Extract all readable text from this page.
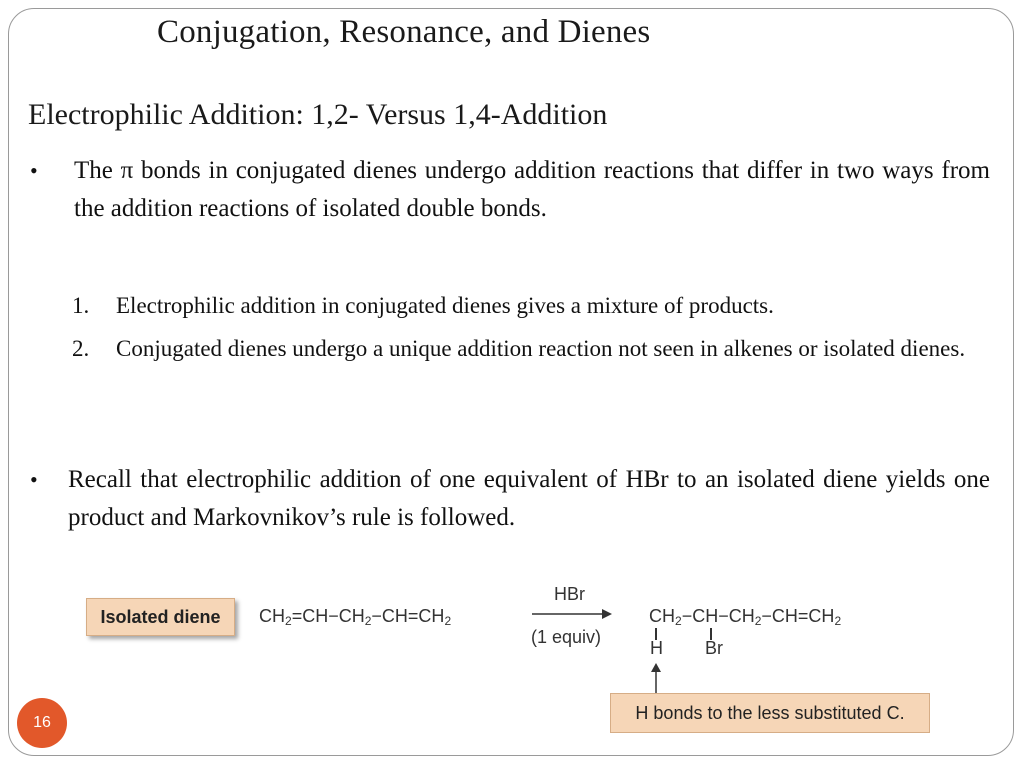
Conjugation, Resonance, and Dienes
Electrophilic Addition: 1,2- Versus 1,4-Addition
• The π bonds in conjugated dienes undergo addition reactions that differ in two ways from the addition reactions of isolated double bonds.
1. Electrophilic addition in conjugated dienes gives a mixture of products.
2. Conjugated dienes undergo a unique addition reaction not seen in alkenes or isolated dienes.
• Recall that electrophilic addition of one equivalent of HBr to an isolated diene yields one product and Markovnikov’s rule is followed.
Isolated diene	$CH_2=CH-CH_2-CH=CH_2$
HBr
(1 equiv)
$CH_2-CH-CH_2-CH=CH_2$
H Br
H bonds to the less substituted C.
16
